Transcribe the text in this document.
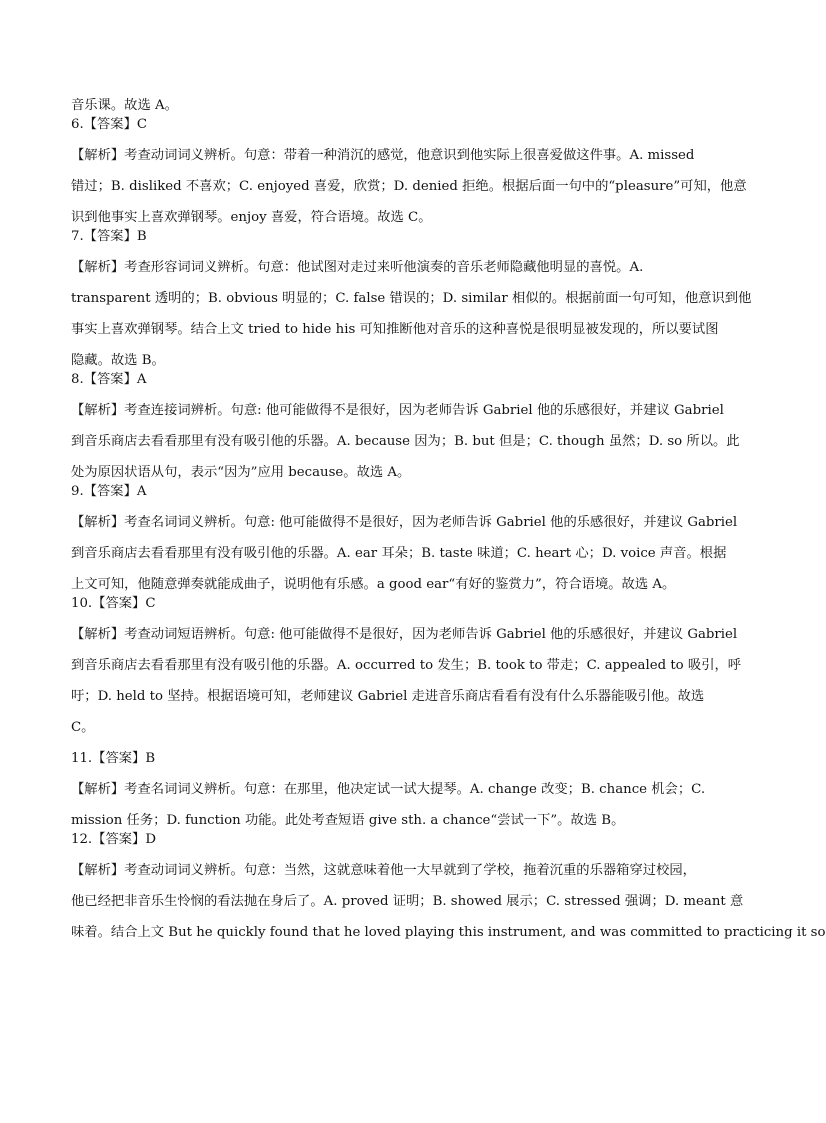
音乐课。故选 A。
6.【答案】C
【解析】考查动词词义辨析。句意：带着一种消沉的感觉，他意识到他实际上很喜爱做这件事。A. missed
错过；B. disliked 不喜欢；C. enjoyed 喜爱，欣赏；D. denied 拒绝。根据后面一句中的“pleasure”可知，他意
识到他事实上喜欢弹钢琴。enjoy 喜爱，符合语境。故选 C。
7.【答案】B
【解析】考查形容词词义辨析。句意：他试图对走过来听他演奏的音乐老师隐藏他明显的喜悦。A.
transparent 透明的；B. obvious 明显的；C. false 错误的；D. similar 相似的。根据前面一句可知，他意识到他
事实上喜欢弹钢琴。结合上文 tried to hide his 可知推断他对音乐的这种喜悦是很明显被发现的，所以要试图
隐藏。故选 B。
8.【答案】A
【解析】考查连接词辨析。句意: 他可能做得不是很好，因为老师告诉 Gabriel 他的乐感很好，并建议 Gabriel
到音乐商店去看看那里有没有吸引他的乐器。A. because 因为；B. but 但是；C. though 虽然；D. so 所以。此
处为原因状语从句，表示“因为”应用 because。故选 A。
9.【答案】A
【解析】考查名词词义辨析。句意: 他可能做得不是很好，因为老师告诉 Gabriel 他的乐感很好，并建议 Gabriel
到音乐商店去看看那里有没有吸引他的乐器。A. ear 耳朵；B. taste 味道；C. heart 心；D. voice 声音。根据
上文可知，他随意弹奏就能成曲子，说明他有乐感。a good ear“有好的鉴赏力”，符合语境。故选 A。
10.【答案】C
【解析】考查动词短语辨析。句意: 他可能做得不是很好，因为老师告诉 Gabriel 他的乐感很好，并建议 Gabriel
到音乐商店去看看那里有没有吸引他的乐器。A. occurred to 发生；B. took to 带走；C. appealed to 吸引，呼
吁；D. held to 坚持。根据语境可知，老师建议 Gabriel 走进音乐商店看看有没有什么乐器能吸引他。故选
C。
11.【答案】B
【解析】考查名词词义辨析。句意：在那里，他决定试一试大提琴。A. change 改变；B. chance 机会；C.
mission 任务；D. function 功能。此处考查短语 give sth. a chance“尝试一下”。故选 B。
12.【答案】D
【解析】考查动词词义辨析。句意：当然，这就意味着他一大早就到了学校，拖着沉重的乐器箱穿过校园，
他已经把非音乐生怜悯的看法抛在身后了。A. proved 证明；B. showed 展示；C. stressed 强调；D. meant 意
味着。结合上文 But he quickly found that he loved playing this instrument, and was committed to practicing it so
